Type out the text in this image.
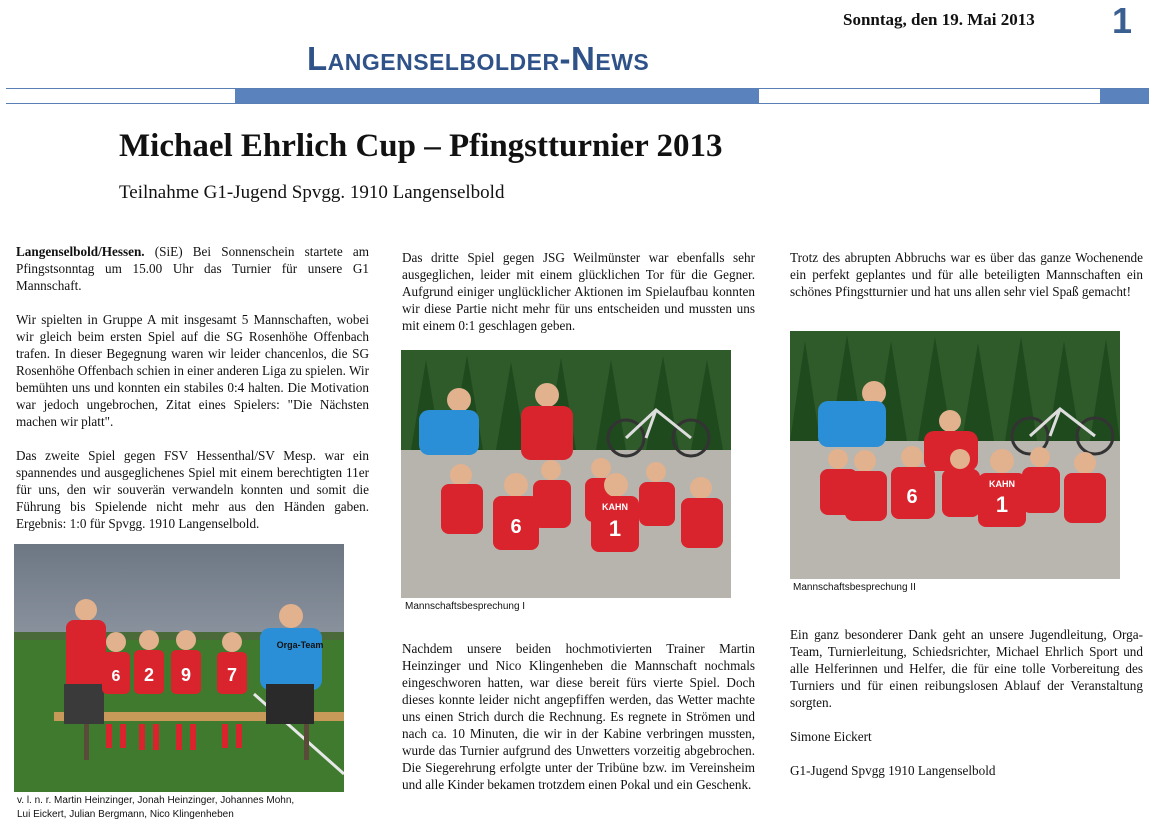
Sonntag, den 19. Mai 2013 1
Langenselbolder-News
Michael Ehrlich Cup – Pfingstturnier 2013
Teilnahme G1-Jugend Spvgg. 1910 Langenselbold

Langenselbold/Hessen. (SiE) Bei Sonnenschein startete am Pfingstsonntag um 15.00 Uhr das Turnier für unsere G1 Mannschaft.

Wir spielten in Gruppe A mit insgesamt 5 Mannschaften, wobei wir gleich beim ersten Spiel auf die SG Rosenhöhe Offenbach trafen. In dieser Begegnung waren wir leider chancenlos, die SG Rosenhöhe Offenbach schien in einer anderen Liga zu spielen. Wir bemühten uns und konnten ein stabiles 0:4 halten. Die Motivation war jedoch ungebrochen, Zitat eines Spielers: "Die Nächsten machen wir platt".

Das zweite Spiel gegen FSV Hessenthal/SV Mesp. war ein spannendes und ausgeglichenes Spiel mit einem berechtigten 11er für uns, den wir souverän verwandeln konnten und somit die Führung bis Spielende nicht mehr aus den Händen gaben. Ergebnis: 1:0 für Spvgg. 1910 Langenselbold.

6 2 9 7
Orga-Team
v. l. n. r. Martin Heinzinger, Jonah Heinzinger, Johannes Mohn,
Lui Eickert, Julian Bergmann, Nico Klingenheben

Das dritte Spiel gegen JSG Weilmünster war ebenfalls sehr ausgeglichen, leider mit einem glücklichen Tor für die Gegner. Aufgrund einiger unglücklicher Aktionen im Spielaufbau konnten wir diese Partie nicht mehr für uns entscheiden und mussten uns mit einem 0:1 geschlagen geben.

6
KAHN
1
Mannschaftsbesprechung I

Nachdem unsere beiden hochmotivierten Trainer Martin Heinzinger und Nico Klingenheben die Mannschaft nochmals eingeschworen hatten, war diese bereit fürs vierte Spiel. Doch dieses konnte leider nicht angepfiffen werden, das Wetter machte uns einen Strich durch die Rechnung. Es regnete in Strömen und nach ca. 10 Minuten, die wir in der Kabine verbringen mussten, wurde das Turnier aufgrund des Unwetters vorzeitig abgebrochen. Die Siegerehrung erfolgte unter der Tribüne bzw. im Vereinsheim und alle Kinder bekamen trotzdem einen Pokal und ein Geschenk.

Trotz des abrupten Abbruchs war es über das ganze Wochenende ein perfekt geplantes und für alle beteiligten Mannschaften ein schönes Pfingstturnier und hat uns allen sehr viel Spaß gemacht!

6
KAHN
1
Mannschaftsbesprechung II

Ein ganz besonderer Dank geht an unsere Jugendleitung, Orga-Team, Turnierleitung, Schiedsrichter, Michael Ehrlich Sport und alle Helferinnen und Helfer, die für eine tolle Vorbereitung des Turniers und für einen reibungslosen Ablauf der Veranstaltung sorgten.

Simone Eickert

G1-Jugend Spvgg 1910 Langenselbold
